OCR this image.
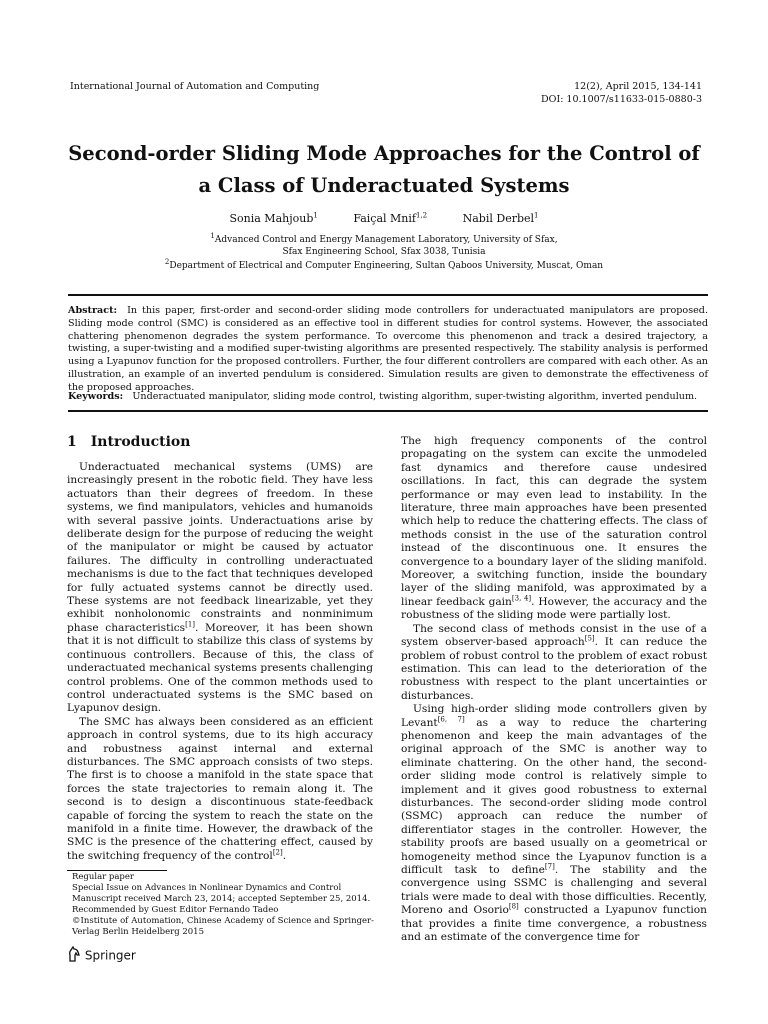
International Journal of Automation and Computing	12(2), April 2015, 134-141
DOI: 10.1007/s11633-015-0880-3
Second-order Sliding Mode Approaches for the Control of
a Class of Underactuated Systems
Sonia Mahjoub$^1$	Faiçal Mnif$^{1,2}$	Nabil Derbel$^1$
$^1$Advanced Control and Energy Management Laboratory, University of Sfax,
Sfax Engineering School, Sfax 3038, Tunisia
$^2$Department of Electrical and Computer Engineering, Sultan Qaboos University, Muscat, Oman
Abstract: In this paper, first-order and second-order sliding mode controllers for underactuated manipulators are proposed. Sliding mode control (SMC) is considered as an effective tool in different studies for control systems. However, the associated chattering phenomenon degrades the system performance. To overcome this phenomenon and track a desired trajectory, a twisting, a super-twisting and a modified super-twisting algorithms are presented respectively. The stability analysis is performed using a Lyapunov function for the proposed controllers. Further, the four different controllers are compared with each other. As an illustration, an example of an inverted pendulum is considered. Simulation results are given to demonstrate the effectiveness of the proposed approaches.
Keywords: Underactuated manipulator, sliding mode control, twisting algorithm, super-twisting algorithm, inverted pendulum.
1 Introduction

Underactuated mechanical systems (UMS) are increasingly present in the robotic field. They have less actuators than their degrees of freedom. In these systems, we find manipulators, vehicles and humanoids with several passive joints. Underactuations arise by deliberate design for the purpose of reducing the weight of the manipulator or might be caused by actuator failures. The difficulty in controlling underactuated mechanisms is due to the fact that techniques developed for fully actuated systems cannot be directly used. These systems are not feedback linearizable, yet they exhibit nonholonomic constraints and nonminimum phase characteristics[1]. Moreover, it has been shown that it is not difficult to stabilize this class of systems by continuous controllers. Because of this, the class of underactuated mechanical systems presents challenging control problems. One of the common methods used to control underactuated systems is the SMC based on Lyapunov design.

The SMC has always been considered as an efficient approach in control systems, due to its high accuracy and robustness against internal and external disturbances. The SMC approach consists of two steps. The first is to choose a manifold in the state space that forces the state trajectories to remain along it. The second is to design a discontinuous state-feedback capable of forcing the system to reach the state on the manifold in a finite time. However, the drawback of the SMC is the presence of the chattering effect, caused by the switching frequency of the control[2].

Regular paper
Special Issue on Advances in Nonlinear Dynamics and Control
Manuscript received March 23, 2014; accepted September 25, 2014.
Recommended by Guest Editor Fernando Tadeo
©Institute of Automation, Chinese Academy of Science and Springer-Verlag Berlin Heidelberg 2015
Springer

The high frequency components of the control propagating on the system can excite the unmodeled fast dynamics and therefore cause undesired oscillations. In fact, this can degrade the system performance or may even lead to instability. In the literature, three main approaches have been presented which help to reduce the chattering effects. The class of methods consist in the use of the saturation control instead of the discontinuous one. It ensures the convergence to a boundary layer of the sliding manifold. Moreover, a switching function, inside the boundary layer of the sliding manifold, was approximated by a linear feedback gain[3, 4]. However, the accuracy and the robustness of the sliding mode were partially lost.

The second class of methods consist in the use of a system observer-based approach[5]. It can reduce the problem of robust control to the problem of exact robust estimation. This can lead to the deterioration of the robustness with respect to the plant uncertainties or disturbances.

Using high-order sliding mode controllers given by Levant[6, 7] as a way to reduce the chartering phenomenon and keep the main advantages of the original approach of the SMC is another way to eliminate chattering. On the other hand, the second-order sliding mode control is relatively simple to implement and it gives good robustness to external disturbances. The second-order sliding mode control (SSMC) approach can reduce the number of differentiator stages in the controller. However, the stability proofs are based usually on a geometrical or homogeneity method since the Lyapunov function is a difficult task to define[7]. The stability and the convergence using SSMC is challenging and several trials were made to deal with those difficulties. Recently, Moreno and Osorio[8] constructed a Lyapunov function that provides a finite time convergence, a robustness and an estimate of the convergence time for
